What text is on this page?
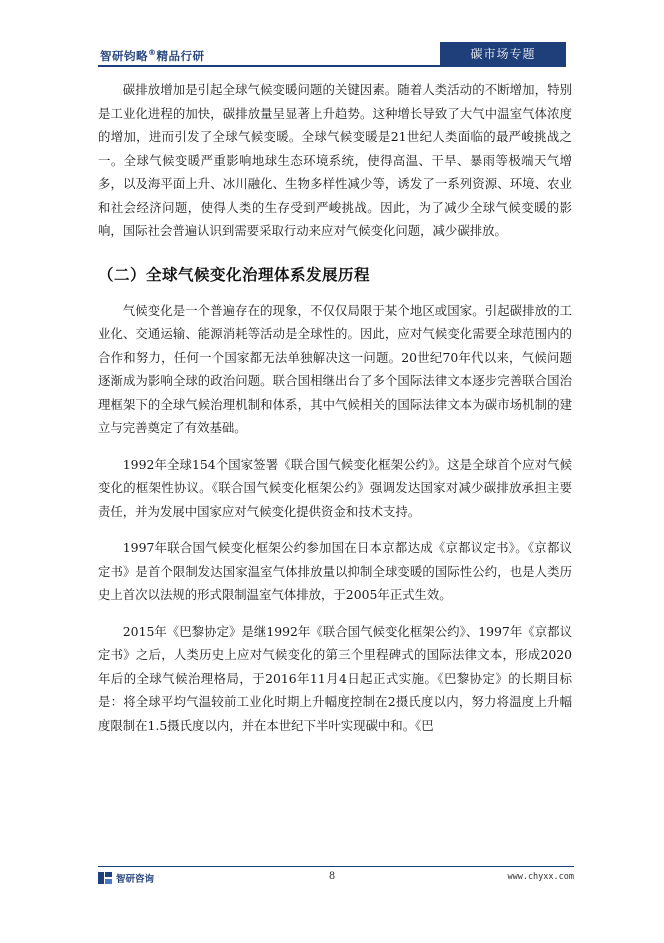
智研钧略®精品行研	碳市场专题

碳排放增加是引起全球气候变暖问题的关键因素。随着人类活动的不断增加，特别是工业化进程的加快，碳排放量呈显著上升趋势。这种增长导致了大气中温室气体浓度的增加，进而引发了全球气候变暖。全球气候变暖是21世纪人类面临的最严峻挑战之一。全球气候变暖严重影响地球生态环境系统，使得高温、干旱、暴雨等极端天气增多，以及海平面上升、冰川融化、生物多样性减少等，诱发了一系列资源、环境、农业和社会经济问题，使得人类的生存受到严峻挑战。因此，为了减少全球气候变暖的影响，国际社会普遍认识到需要采取行动来应对气候变化问题，减少碳排放。

（二）全球气候变化治理体系发展历程

气候变化是一个普遍存在的现象，不仅仅局限于某个地区或国家。引起碳排放的工业化、交通运输、能源消耗等活动是全球性的。因此，应对气候变化需要全球范围内的合作和努力，任何一个国家都无法单独解决这一问题。20世纪70年代以来，气候问题逐渐成为影响全球的政治问题。联合国相继出台了多个国际法律文本逐步完善联合国治理框架下的全球气候治理机制和体系，其中气候相关的国际法律文本为碳市场机制的建立与完善奠定了有效基础。

1992年全球154个国家签署《联合国气候变化框架公约》。这是全球首个应对气候变化的框架性协议。《联合国气候变化框架公约》强调发达国家对减少碳排放承担主要责任，并为发展中国家应对气候变化提供资金和技术支持。

1997年联合国气候变化框架公约参加国在日本京都达成《京都议定书》。《京都议定书》是首个限制发达国家温室气体排放量以抑制全球变暖的国际性公约，也是人类历史上首次以法规的形式限制温室气体排放，于2005年正式生效。

2015年《巴黎协定》是继1992年《联合国气候变化框架公约》、1997年《京都议定书》之后，人类历史上应对气候变化的第三个里程碑式的国际法律文本，形成2020年后的全球气候治理格局，于2016年11月4日起正式实施。《巴黎协定》的长期目标是：将全球平均气温较前工业化时期上升幅度控制在2摄氏度以内，努力将温度上升幅度限制在1.5摄氏度以内，并在本世纪下半叶实现碳中和。《巴

智研咨询	8	www.chyxx.com
